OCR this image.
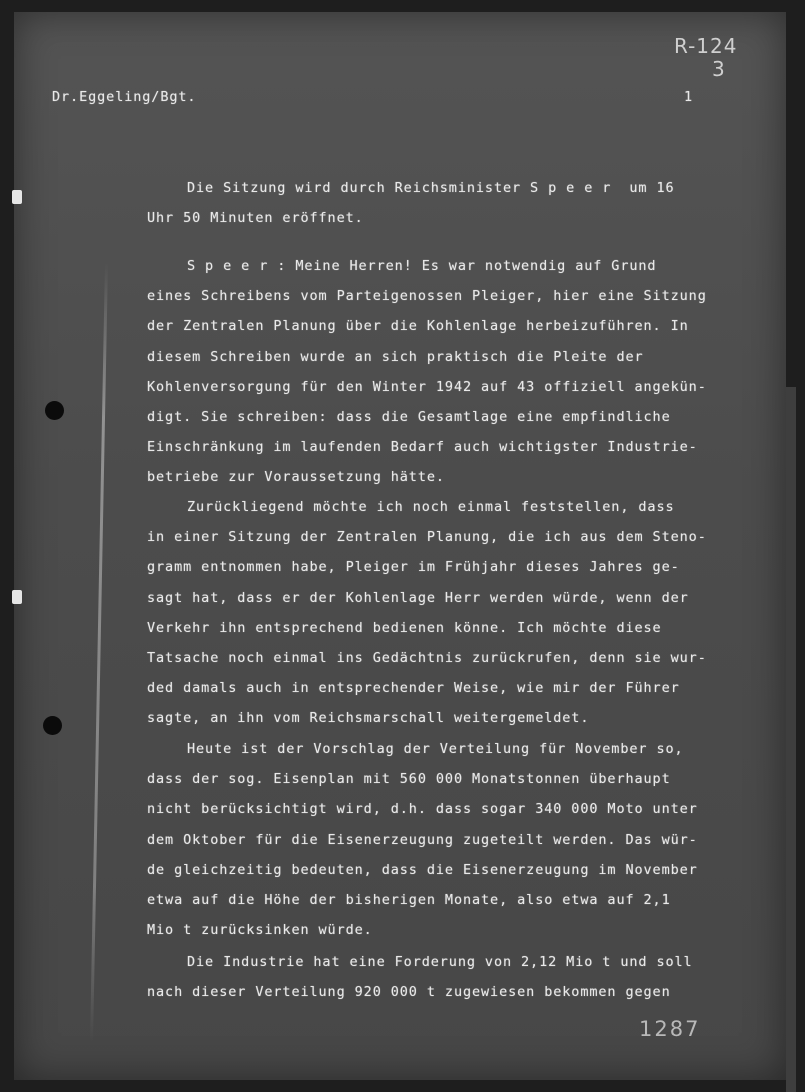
Dr.Eggeling/Bgt.	1
R-124
3
Die Sitzung wird durch Reichsminister S p e e r  um 16
Uhr 50 Minuten eröffnet.
S p e e r : Meine Herren! Es war notwendig auf Grund
eines Schreibens vom Parteigenossen Pleiger, hier eine Sitzung
der Zentralen Planung über die Kohlenlage herbeizuführen. In
diesem Schreiben wurde an sich praktisch die Pleite der
Kohlenversorgung für den Winter 1942 auf 43 offiziell angekün-
digt. Sie schreiben: dass die Gesamtlage eine empfindliche
Einschränkung im laufenden Bedarf auch wichtigster Industrie-
betriebe zur Voraussetzung hätte.
Zurückliegend möchte ich noch einmal feststellen, dass
in einer Sitzung der Zentralen Planung, die ich aus dem Steno-
gramm entnommen habe, Pleiger im Frühjahr dieses Jahres ge-
sagt hat, dass er der Kohlenlage Herr werden würde, wenn der
Verkehr ihn entsprechend bedienen könne. Ich möchte diese
Tatsache noch einmal ins Gedächtnis zurückrufen, denn sie wur-
ded damals auch in entsprechender Weise, wie mir der Führer
sagte, an ihn vom Reichsmarschall weitergemeldet.
Heute ist der Vorschlag der Verteilung für November so,
dass der sog. Eisenplan mit 560 000 Monatstonnen überhaupt
nicht berücksichtigt wird, d.h. dass sogar 340 000 Moto unter
dem Oktober für die Eisenerzeugung zugeteilt werden. Das wür-
de gleichzeitig bedeuten, dass die Eisenerzeugung im November
etwa auf die Höhe der bisherigen Monate, also etwa auf 2,1
Mio t zurücksinken würde.
Die Industrie hat eine Forderung von 2,12 Mio t und soll
nach dieser Verteilung 920 000 t zugewiesen bekommen gegen
1287
